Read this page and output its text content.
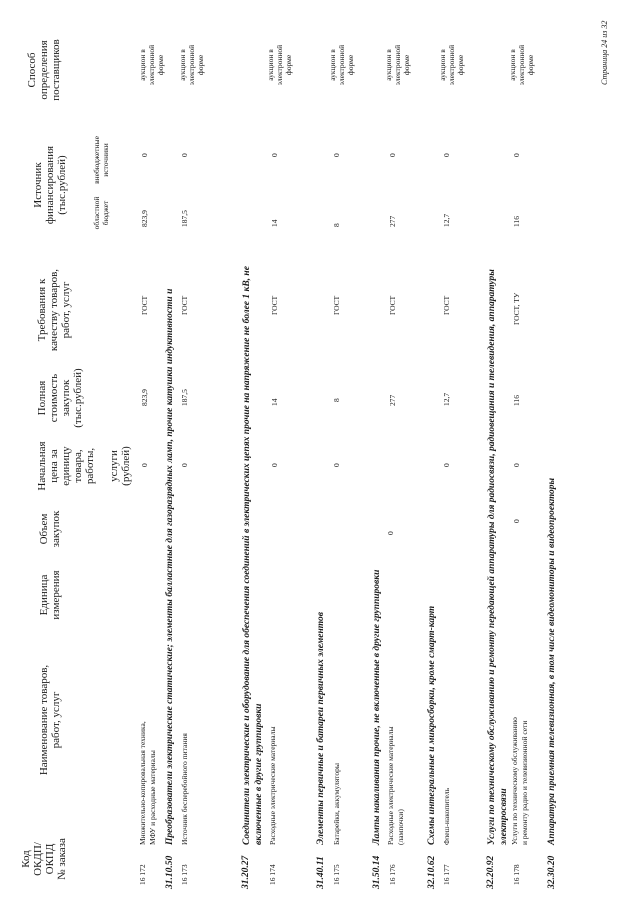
Код ОКДП/ ОКПД № заказа
Наименование товаров, работ, услуг
Единица измерения
Объем закупок
Начальная цена за единицу товара, работы, услуги (рублей)
Полная стоимость закупок (тыс.рублей)
Требования к качеству товаров, работ, услуг
Источник финансирования (тыс.рублей)	областной бюджет
внебюджетные источники
Способ определения поставщиков
16 172
Множительно-копировальная техника, МФУ и расходные материалы
0
823,9
ГОСТ
823,9
0
аукцион в электронной форме
31.10.50
Преобразователи электрические статические; элементы балластные для газоразрядных ламп, прочие катушки индуктивности и
16 173
Источник бесперебойного питания
0
187,5
ГОСТ
187,5
0
аукцион в электронной форме
31.20.27
Соединители электрические и оборудование для обеспечения соединений в электрических цепях прочие на напряжение не более 1 кВ, не включенные в другие группировки
16 174
Расходные электрические материалы
0
14
ГОСТ
14
0
аукцион в электронной форме
31.40.11
Элементы первичные и батареи первичных элементов
16 175
Батарейки, аккумуляторы
0
8
ГОСТ
8
0
аукцион в электронной форме
31.50.14
Лампы накаливания прочие, не включенные в другие группировки
16 176
Расходные электрические материалы (лампочки)
0
277
ГОСТ
277
0
аукцион в электронной форме
32.10.62
Схемы интегральные и микросборки, кроме смарт-карт
16 177
Флеш-накопитель
0
12,7
ГОСТ
12,7
0
аукцион в электронной форме
32.20.92
Услуги по техническому обслуживанию и ремонту передающей аппаратуры для радиосвязи, радиовещания и телевидения, аппаратуры электросвязи
16 178
Услуги по техническому обслуживанию и ремонту радио и телевизионной сети
0
0
116
ГОСТ, ТУ
116
0
аукцион в электронной форме
32.30.20
Аппаратура приемная телевизионная, в том числе видеомониторы и видеопроекторы
Страница 24 из 32
